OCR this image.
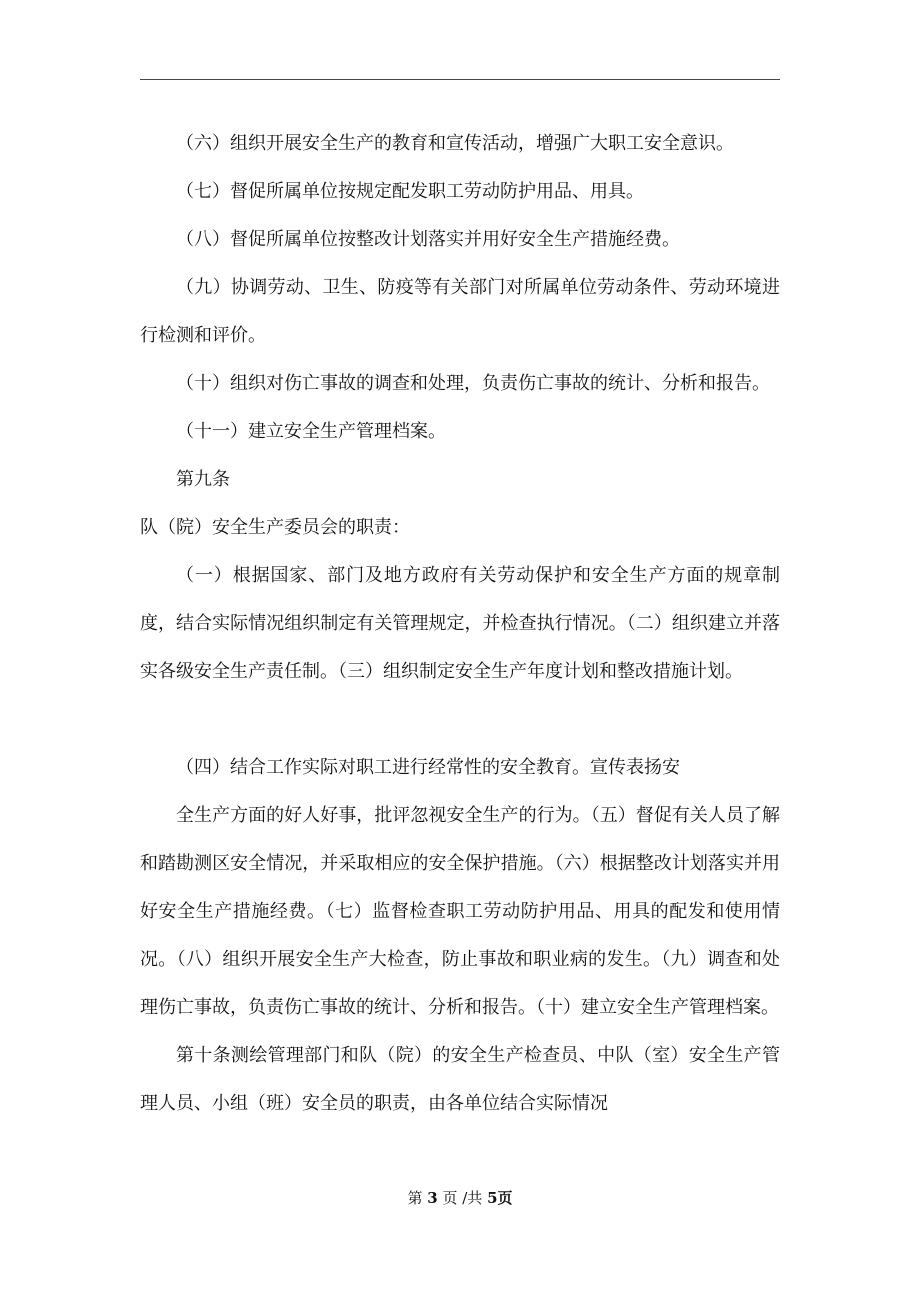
（六）组织开展安全生产的教育和宣传活动，增强广大职工安全意识。

（七）督促所属单位按规定配发职工劳动防护用品、用具。

（八）督促所属单位按整改计划落实并用好安全生产措施经费。

（九）协调劳动、卫生、防疫等有关部门对所属单位劳动条件、劳动环境进行检测和评价。

（十）组织对伤亡事故的调查和处理，负责伤亡事故的统计、分析和报告。

（十一）建立安全生产管理档案。

第九条

队（院）安全生产委员会的职责：

（一）根据国家、部门及地方政府有关劳动保护和安全生产方面的规章制度，结合实际情况组织制定有关管理规定，并检查执行情况。（二）组织建立并落实各级安全生产责任制。（三）组织制定安全生产年度计划和整改措施计划。

（四）结合工作实际对职工进行经常性的安全教育。宣传表扬安

全生产方面的好人好事，批评忽视安全生产的行为。（五）督促有关人员了解和踏勘测区安全情况，并采取相应的安全保护措施。（六）根据整改计划落实并用好安全生产措施经费。（七）监督检查职工劳动防护用品、用具的配发和使用情况。（八）组织开展安全生产大检查，防止事故和职业病的发生。（九）调查和处理伤亡事故，负责伤亡事故的统计、分析和报告。（十）建立安全生产管理档案。

第十条测绘管理部门和队（院）的安全生产检查员、中队（室）安全生产管理人员、小组（班）安全员的职责，由各单位结合实际情况

第 3 页 /共 5页
